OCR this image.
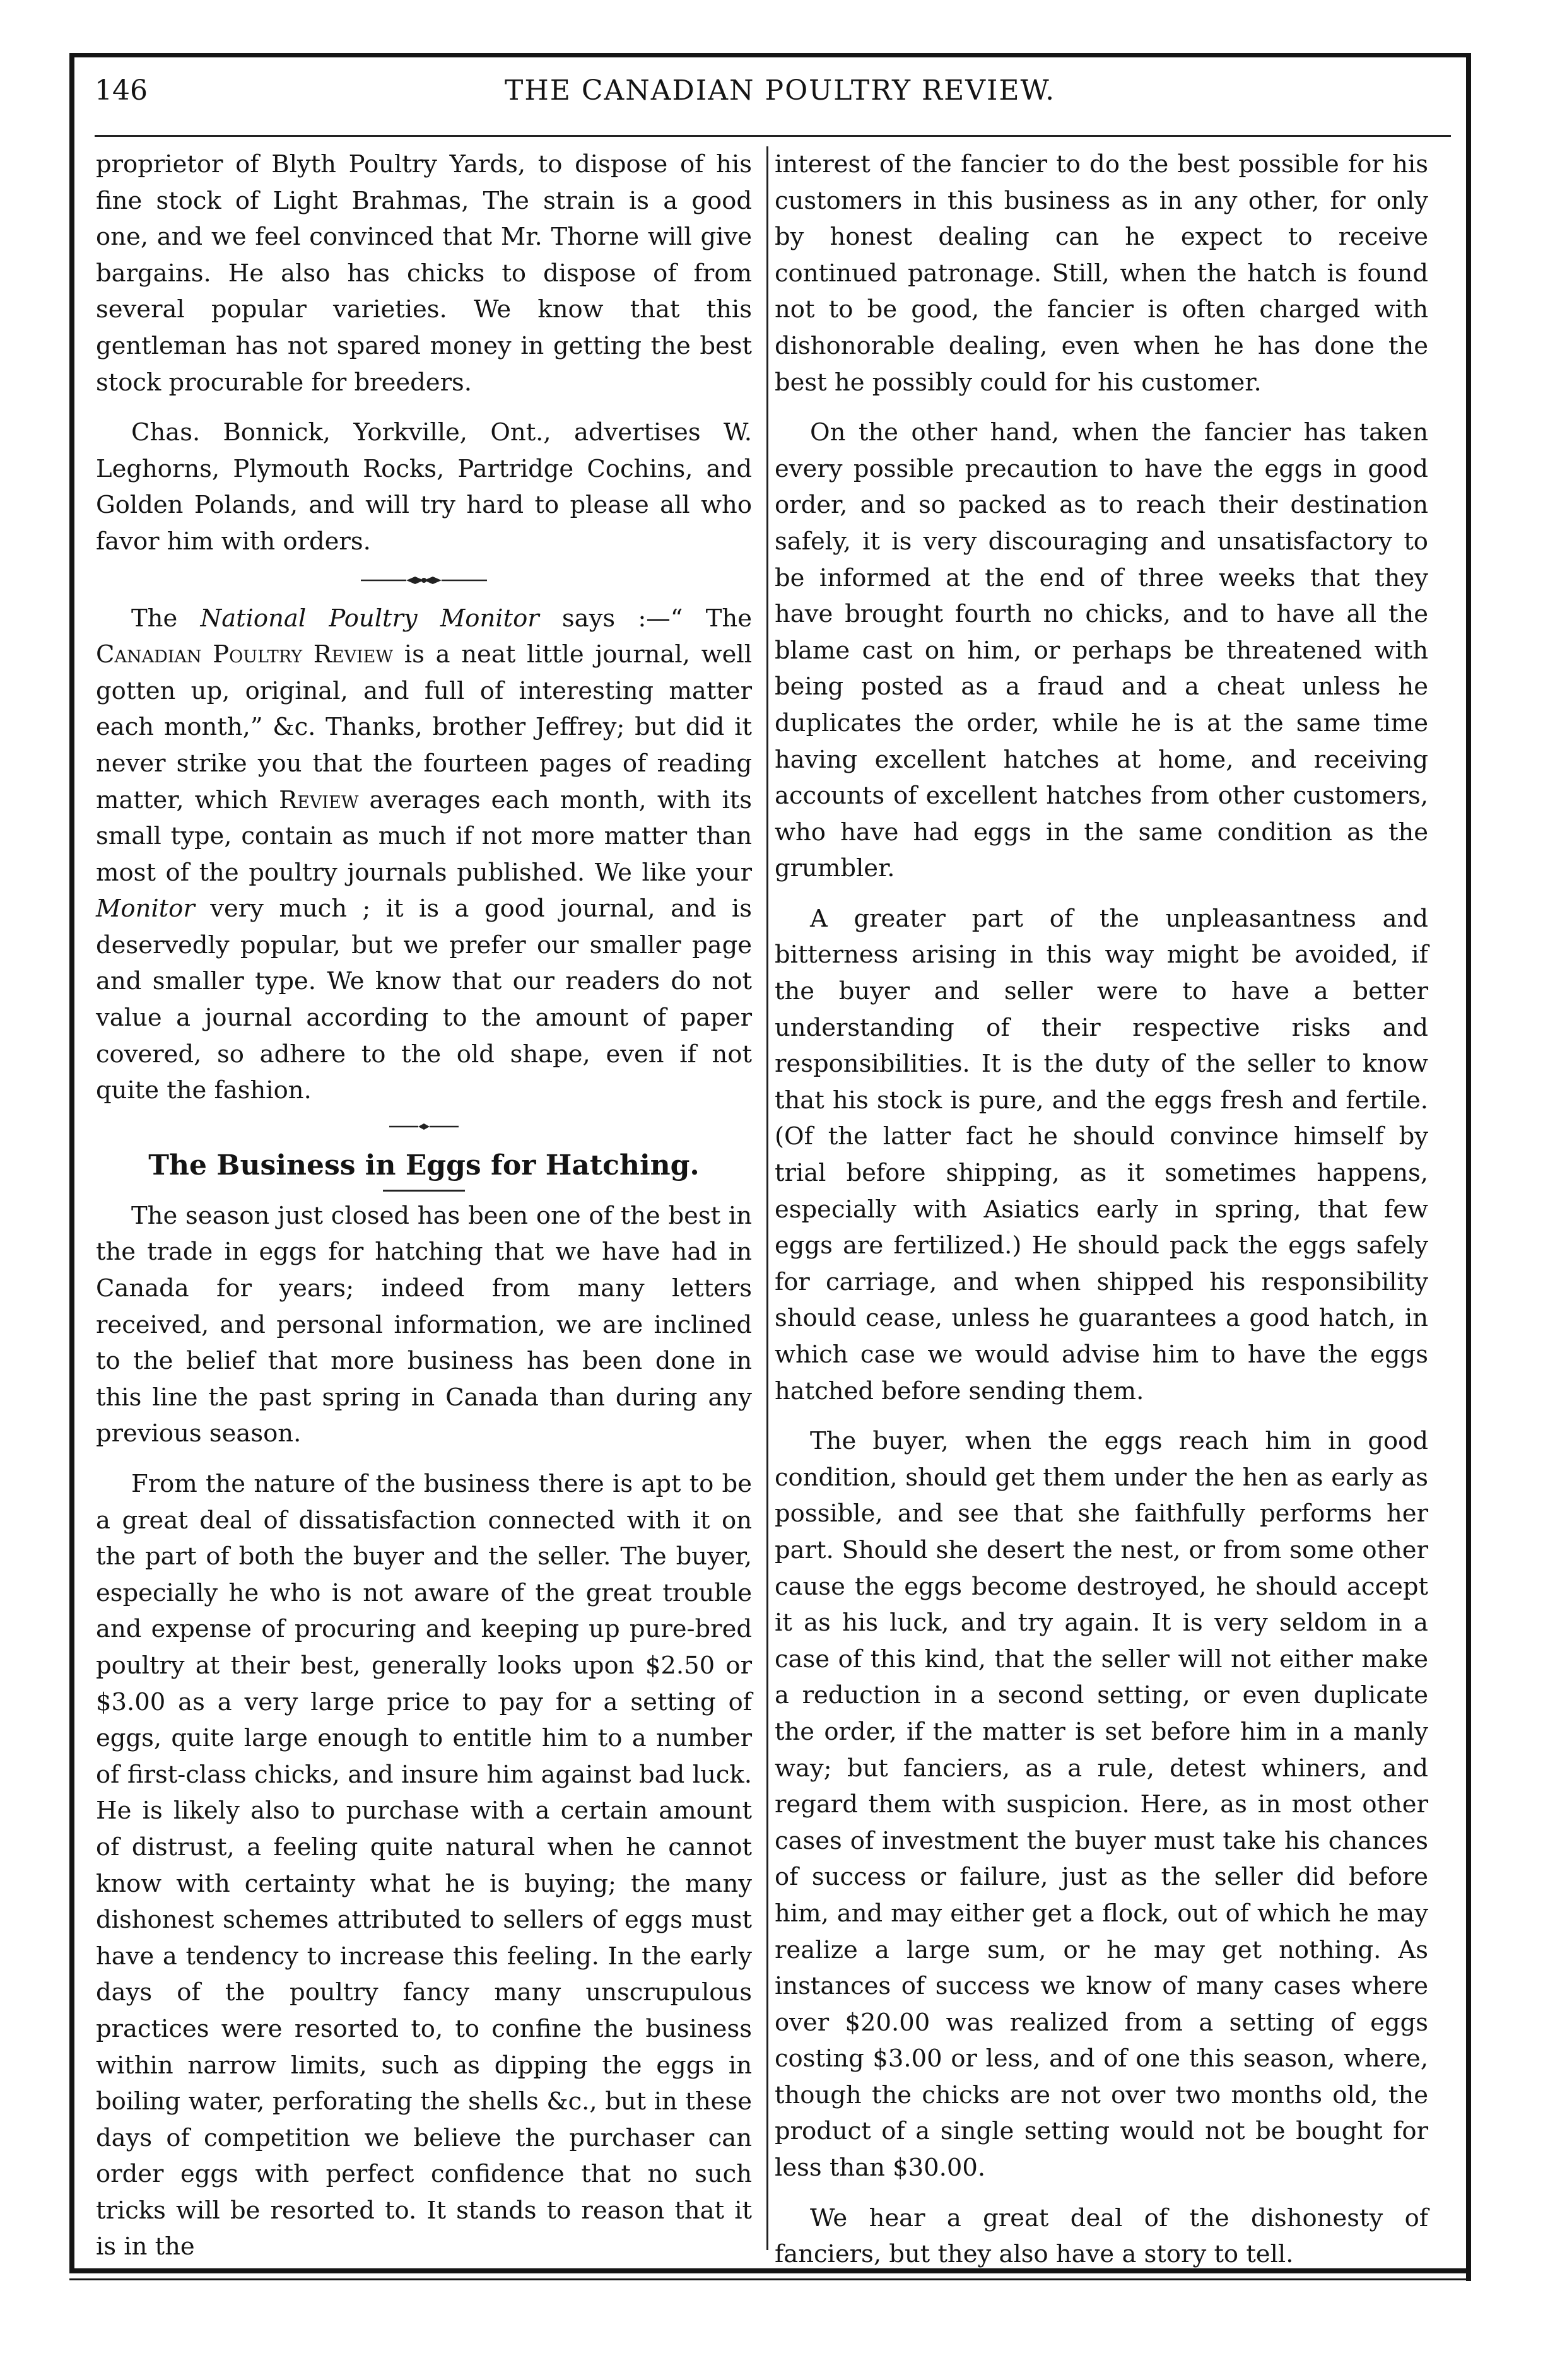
146	THE CANADIAN POULTRY REVIEW.

proprietor of Blyth Poultry Yards, to dispose of his fine stock of Light Brahmas, The strain is a good one, and we feel convinced that Mr. Thorne will give bargains. He also has chicks to dispose of from several popular varieties. We know that this gentleman has not spared money in getting the best stock procurable for breeders.

Chas. Bonnick, Yorkville, Ont., advertises W. Leghorns, Plymouth Rocks, Partridge Cochins, and Golden Polands, and will try hard to please all who favor him with orders.

The National Poultry Monitor says :—“ The Canadian Poultry Review is a neat little journal, well gotten up, original, and full of interesting matter each month,” &c. Thanks, brother Jeffrey; but did it never strike you that the fourteen pages of reading matter, which Review averages each month, with its small type, contain as much if not more matter than most of the poultry journals published. We like your Monitor very much ; it is a good journal, and is deservedly popular, but we prefer our smaller page and smaller type. We know that our readers do not value a journal according to the amount of paper covered, so adhere to the old shape, even if not quite the fashion.

The Business in Eggs for Hatching.

The season just closed has been one of the best in the trade in eggs for hatching that we have had in Canada for years; indeed from many letters received, and personal information, we are inclined to the belief that more business has been done in this line the past spring in Canada than during any previous season.

From the nature of the business there is apt to be a great deal of dissatisfaction connected with it on the part of both the buyer and the seller. The buyer, especially he who is not aware of the great trouble and expense of procuring and keeping up pure-bred poultry at their best, generally looks upon $2.50 or $3.00 as a very large price to pay for a setting of eggs, quite large enough to entitle him to a number of first-class chicks, and insure him against bad luck. He is likely also to purchase with a certain amount of distrust, a feeling quite natural when he cannot know with certainty what he is buying; the many dishonest schemes attributed to sellers of eggs must have a tendency to increase this feeling. In the early days of the poultry fancy many unscrupulous practices were resorted to, to confine the business within narrow limits, such as dipping the eggs in boiling water, perforating the shells &c., but in these days of competition we believe the purchaser can order eggs with perfect confidence that no such tricks will be resorted to. It stands to reason that it is in the

interest of the fancier to do the best possible for his customers in this business as in any other, for only by honest dealing can he expect to receive continued patronage. Still, when the hatch is found not to be good, the fancier is often charged with dishonorable dealing, even when he has done the best he possibly could for his customer.

On the other hand, when the fancier has taken every possible precaution to have the eggs in good order, and so packed as to reach their destination safely, it is very discouraging and unsatisfactory to be informed at the end of three weeks that they have brought fourth no chicks, and to have all the blame cast on him, or perhaps be threatened with being posted as a fraud and a cheat unless he duplicates the order, while he is at the same time having excellent hatches at home, and receiving accounts of excellent hatches from other customers, who have had eggs in the same condition as the grumbler.

A greater part of the unpleasantness and bitterness arising in this way might be avoided, if the buyer and seller were to have a better understanding of their respective risks and responsibilities. It is the duty of the seller to know that his stock is pure, and the eggs fresh and fertile. (Of the latter fact he should convince himself by trial before shipping, as it sometimes happens, especially with Asiatics early in spring, that few eggs are fertilized.) He should pack the eggs safely for carriage, and when shipped his responsibility should cease, unless he guarantees a good hatch, in which case we would advise him to have the eggs hatched before sending them.

The buyer, when the eggs reach him in good condition, should get them under the hen as early as possible, and see that she faithfully performs her part. Should she desert the nest, or from some other cause the eggs become destroyed, he should accept it as his luck, and try again. It is very seldom in a case of this kind, that the seller will not either make a reduction in a second setting, or even duplicate the order, if the matter is set before him in a manly way; but fanciers, as a rule, detest whiners, and regard them with suspicion. Here, as in most other cases of investment the buyer must take his chances of success or failure, just as the seller did before him, and may either get a flock, out of which he may realize a large sum, or he may get nothing. As instances of success we know of many cases where over $20.00 was realized from a setting of eggs costing $3.00 or less, and of one this season, where, though the chicks are not over two months old, the product of a single setting would not be bought for less than $30.00.

We hear a great deal of the dishonesty of fanciers, but they also have a story to tell.
